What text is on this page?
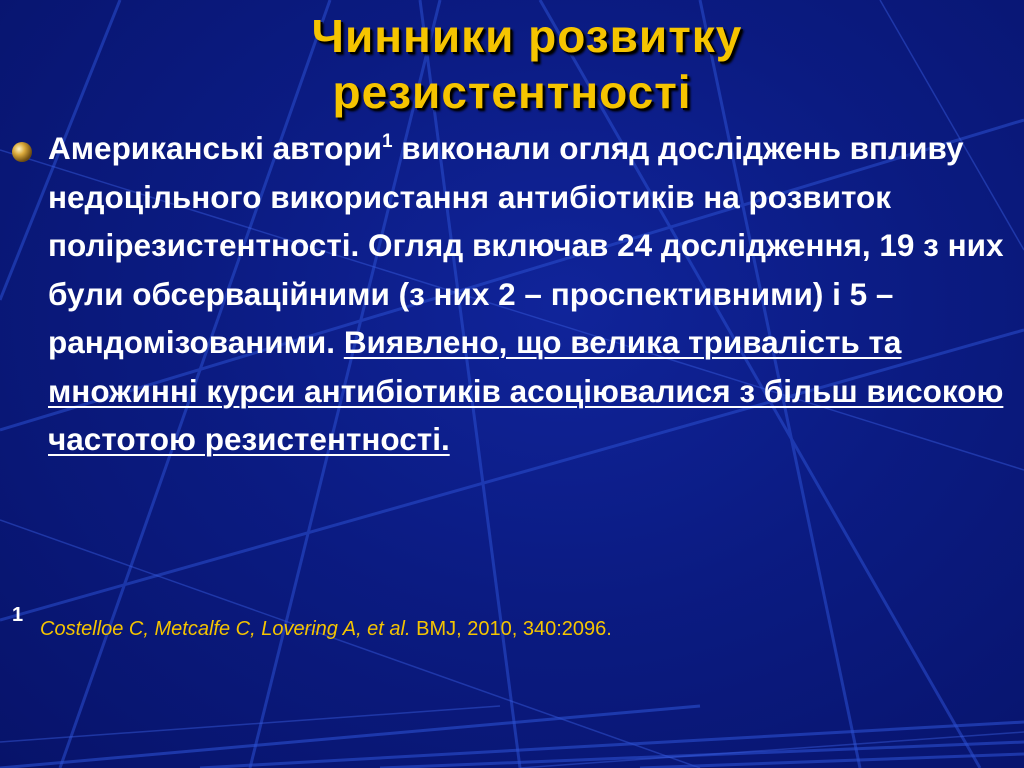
Чинники розвитку
резистентності

Американські автори$^1$ виконали огляд досліджень впливу недоцільного використання антибіотиків на розвиток полірезистентності. Огляд включав 24 дослідження, 19 з них були обсерваційними (з них 2 – проспективними) і 5 –рандомізованими. Виявлено, що велика тривалість та множинні курси антибіотиків асоціювалися з більш високою частотою резистентності.

1
Costelloe C, Metcalfe C, Lovering A, et al. BMJ, 2010, 340:2096.
